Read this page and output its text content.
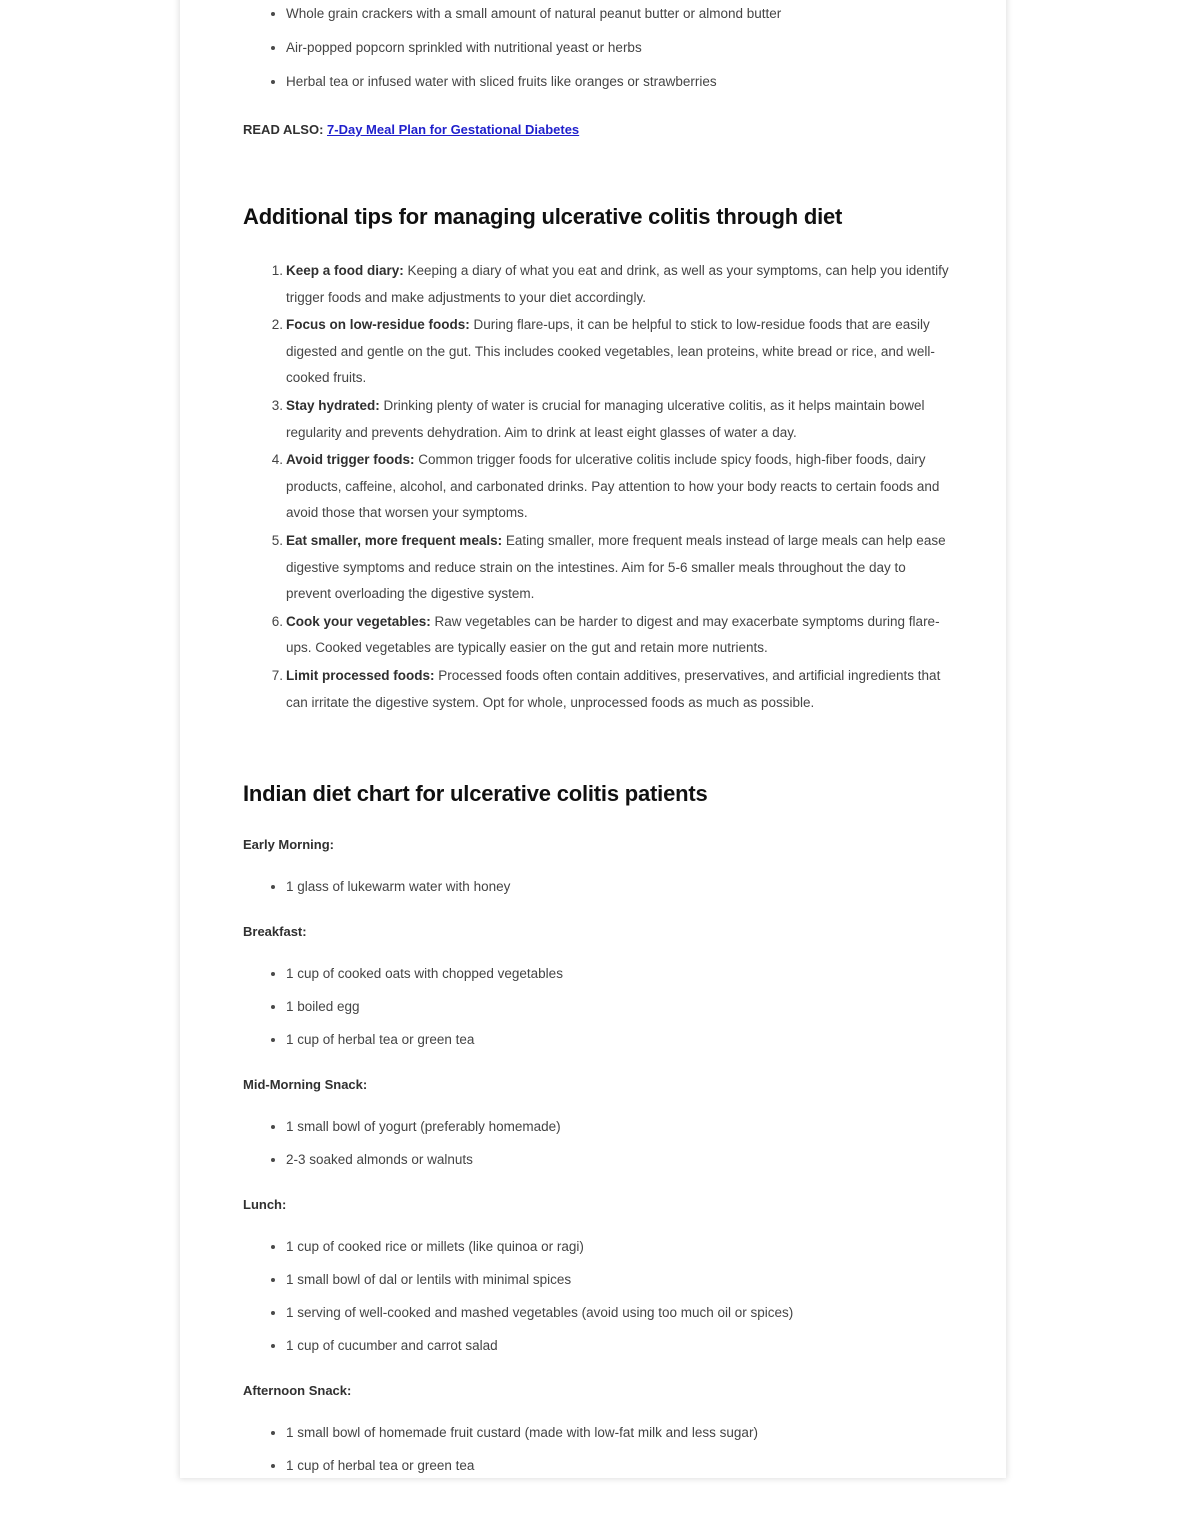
Whole grain crackers with a small amount of natural peanut butter or almond butter
Air-popped popcorn sprinkled with nutritional yeast or herbs
Herbal tea or infused water with sliced fruits like oranges or strawberries
READ ALSO: 7-Day Meal Plan for Gestational Diabetes
Additional tips for managing ulcerative colitis through diet
Keep a food diary: Keeping a diary of what you eat and drink, as well as your symptoms, can help you identify trigger foods and make adjustments to your diet accordingly.
Focus on low-residue foods: During flare-ups, it can be helpful to stick to low-residue foods that are easily digested and gentle on the gut. This includes cooked vegetables, lean proteins, white bread or rice, and well-cooked fruits.
Stay hydrated: Drinking plenty of water is crucial for managing ulcerative colitis, as it helps maintain bowel regularity and prevents dehydration. Aim to drink at least eight glasses of water a day.
Avoid trigger foods: Common trigger foods for ulcerative colitis include spicy foods, high-fiber foods, dairy products, caffeine, alcohol, and carbonated drinks. Pay attention to how your body reacts to certain foods and avoid those that worsen your symptoms.
Eat smaller, more frequent meals: Eating smaller, more frequent meals instead of large meals can help ease digestive symptoms and reduce strain on the intestines. Aim for 5-6 smaller meals throughout the day to prevent overloading the digestive system.
Cook your vegetables: Raw vegetables can be harder to digest and may exacerbate symptoms during flare-ups. Cooked vegetables are typically easier on the gut and retain more nutrients.
Limit processed foods: Processed foods often contain additives, preservatives, and artificial ingredients that can irritate the digestive system. Opt for whole, unprocessed foods as much as possible.
Indian diet chart for ulcerative colitis patients
Early Morning:
1 glass of lukewarm water with honey
Breakfast:
1 cup of cooked oats with chopped vegetables
1 boiled egg
1 cup of herbal tea or green tea
Mid-Morning Snack:
1 small bowl of yogurt (preferably homemade)
2-3 soaked almonds or walnuts
Lunch:
1 cup of cooked rice or millets (like quinoa or ragi)
1 small bowl of dal or lentils with minimal spices
1 serving of well-cooked and mashed vegetables (avoid using too much oil or spices)
1 cup of cucumber and carrot salad
Afternoon Snack:
1 small bowl of homemade fruit custard (made with low-fat milk and less sugar)
1 cup of herbal tea or green tea
